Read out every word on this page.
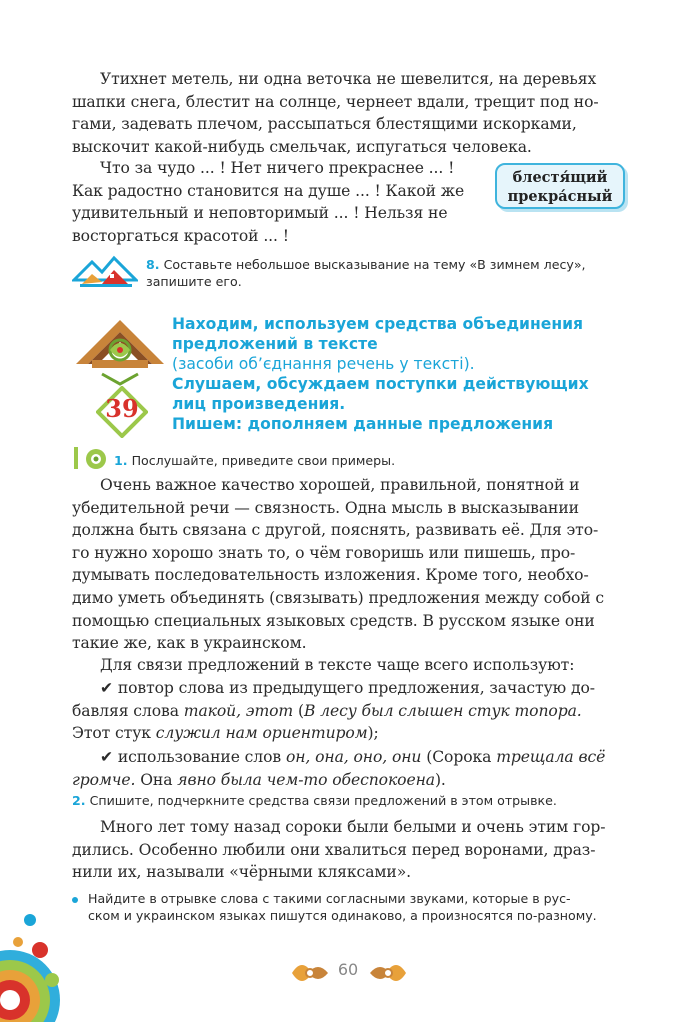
Утихнет метель, ни одна веточка не шевелится, на деревьях

шапки снега, блестит на солнце, чернеет вдали, трещит под но-

гами, задевать плечом, рассыпаться блестящими искорками,

выскочит какой-нибудь смельчак, испугаться человека.

Что за чудо ... ! Нет ничего прекраснее ... !

Как радостно становится на душе ... ! Какой же

удивительный и неповторимый ... ! Нельзя не

восторгаться красотой ... !

блестя́щий
прекра́сный
8. Составьте небольшое высказывание на тему «В зимнем лесу»,
запишите его.
39
Находим, используем средства объединения
предложений в тексте
(засоби об’єднання речень у тексті).
Слушаем, обсуждаем поступки действующих
лиц произведения.
Пишем: дополняем данные предложения
1. Послушайте, приведите свои примеры.

Очень важное качество хорошей, правильной, понятной и

убедительной речи — связность. Одна мысль в высказывании

должна быть связана с другой, пояснять, развивать её. Для это-

го нужно хорошо знать то, о чём говоришь или пишешь, про-

думывать последовательность изложения. Кроме того, необхо-

димо уметь объединять (связывать) предложения между собой с

помощью специальных языковых средств. В русском языке они

такие же, как в украинском.

Для связи предложений в тексте чаще всего используют:

✔ повтор слова из предыдущего предложения, зачастую до-

бавляя слова такой, этот (В лесу был слышен стук топора.

Этот стук служил нам ориентиром);

✔ использование слов он, она, оно, они (Сорока трещала всё

громче. Она явно была чем-то обеспокоена).

2. Спишите, подчеркните средства связи предложений в этом отрывке.

Много лет тому назад сороки были белыми и очень этим гор-

дились. Особенно любили они хвалиться перед воронами, драз-

нили их, называли «чёрными кляксами».

Найдите в отрывке слова с такими согласными звуками, которые в рус-
ском и украинском языках пишутся одинаково, а произносятся по-разному.
60
